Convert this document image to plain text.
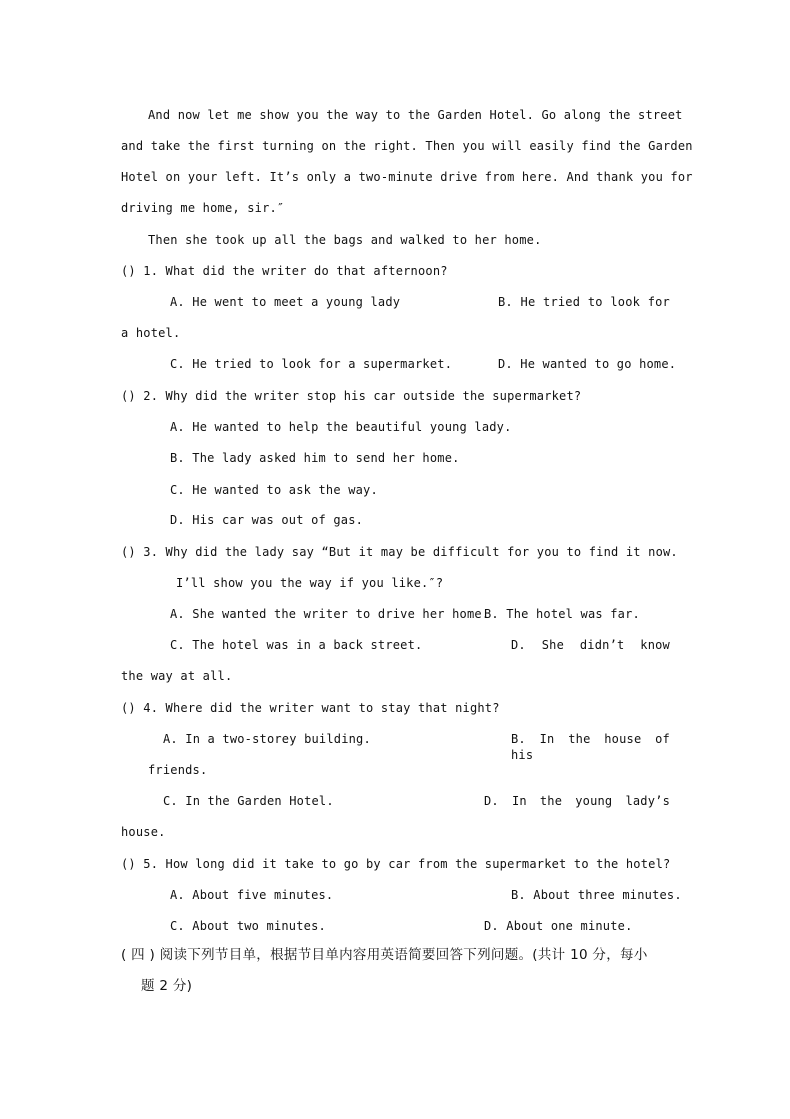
And now let me show you the way to the Garden Hotel. Go along the street
and take the first turning on the right. Then you will easily find the Garden
Hotel on your left. It’s only a two-minute drive from here. And thank you for
driving me home, sir.″
Then she took up all the bags and walked to her home.
() 1. What did the writer do that afternoon?
A. He went to meet a young lady	B. He tried to look for
a hotel.
C. He tried to look for a supermarket.	D. He wanted to go home.
() 2. Why did the writer stop his car outside the supermarket?
A. He wanted to help the beautiful young lady.
B. The lady asked him to send her home.
C. He wanted to ask the way.
D. His car was out of gas.
() 3. Why did the lady say “But it may be difficult for you to find it now.
I’ll show you the way if you like.″?
A. She wanted the writer to drive her home.
B. The hotel was far.
C. The hotel was in a back street.	D. She didn’t know
the way at all.
() 4. Where did the writer want to stay that night?
A. In a two-storey building.	B. In the house of his
friends.
C. In the Garden Hotel.	D. In the young lady’s
house.
() 5. How long did it take to go by car from the supermarket to the hotel?
A. About five minutes.	B. About three minutes.
C. About two minutes.	D. About one minute.
( 四 ) 阅读下列节目单，根据节目单内容用英语简要回答下列问题。(共计 10 分，每小
题 2 分)
